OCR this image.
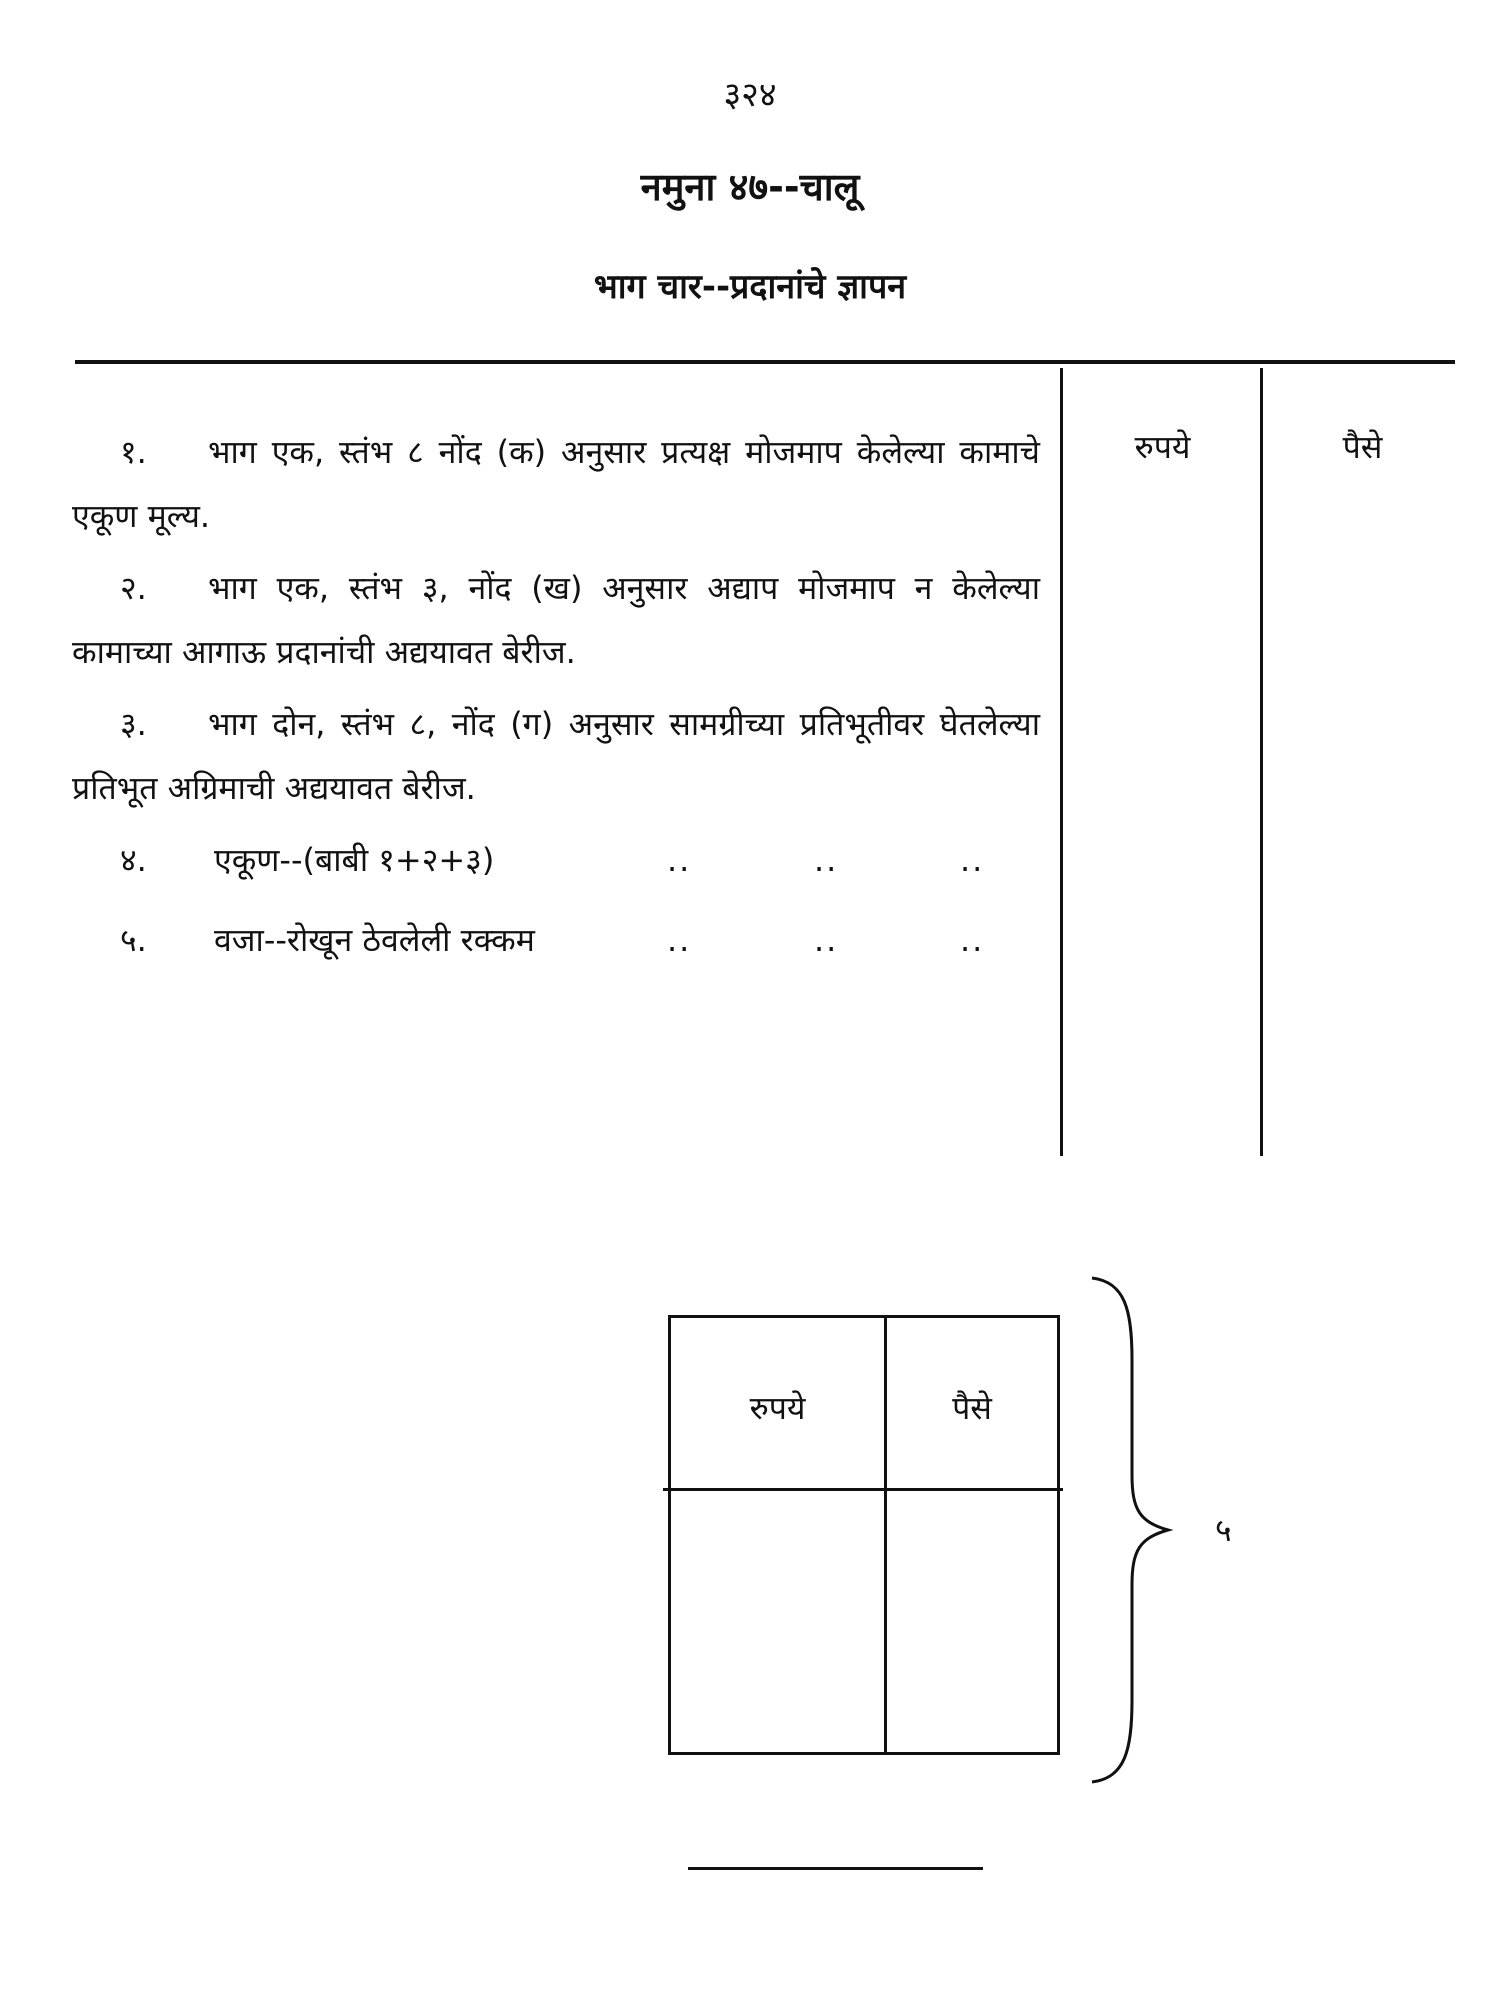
३२४
नमुना ४७--चालू
भाग चार--प्रदानांचे ज्ञापन
रुपये	पैसे
१. भाग एक, स्तंभ ८ नोंद (क) अनुसार प्रत्यक्ष मोजमाप केलेल्या कामाचे एकूण मूल्य.
२. भाग एक, स्तंभ ३, नोंद (ख) अनुसार अद्याप मोजमाप न केलेल्या कामाच्या आगाऊ प्रदानांची अद्ययावत बेरीज.
३. भाग दोन, स्तंभ ८, नोंद (ग) अनुसार सामग्रीच्या प्रतिभूतीवर घेतलेल्या प्रतिभूत अग्रिमाची अद्ययावत बेरीज.
४. एकूण--(बाबी १+२+३)	..	..	..
५. वजा--रोखून ठेवलेली रक्कम	..	..	..
रुपये	पैसे
५
